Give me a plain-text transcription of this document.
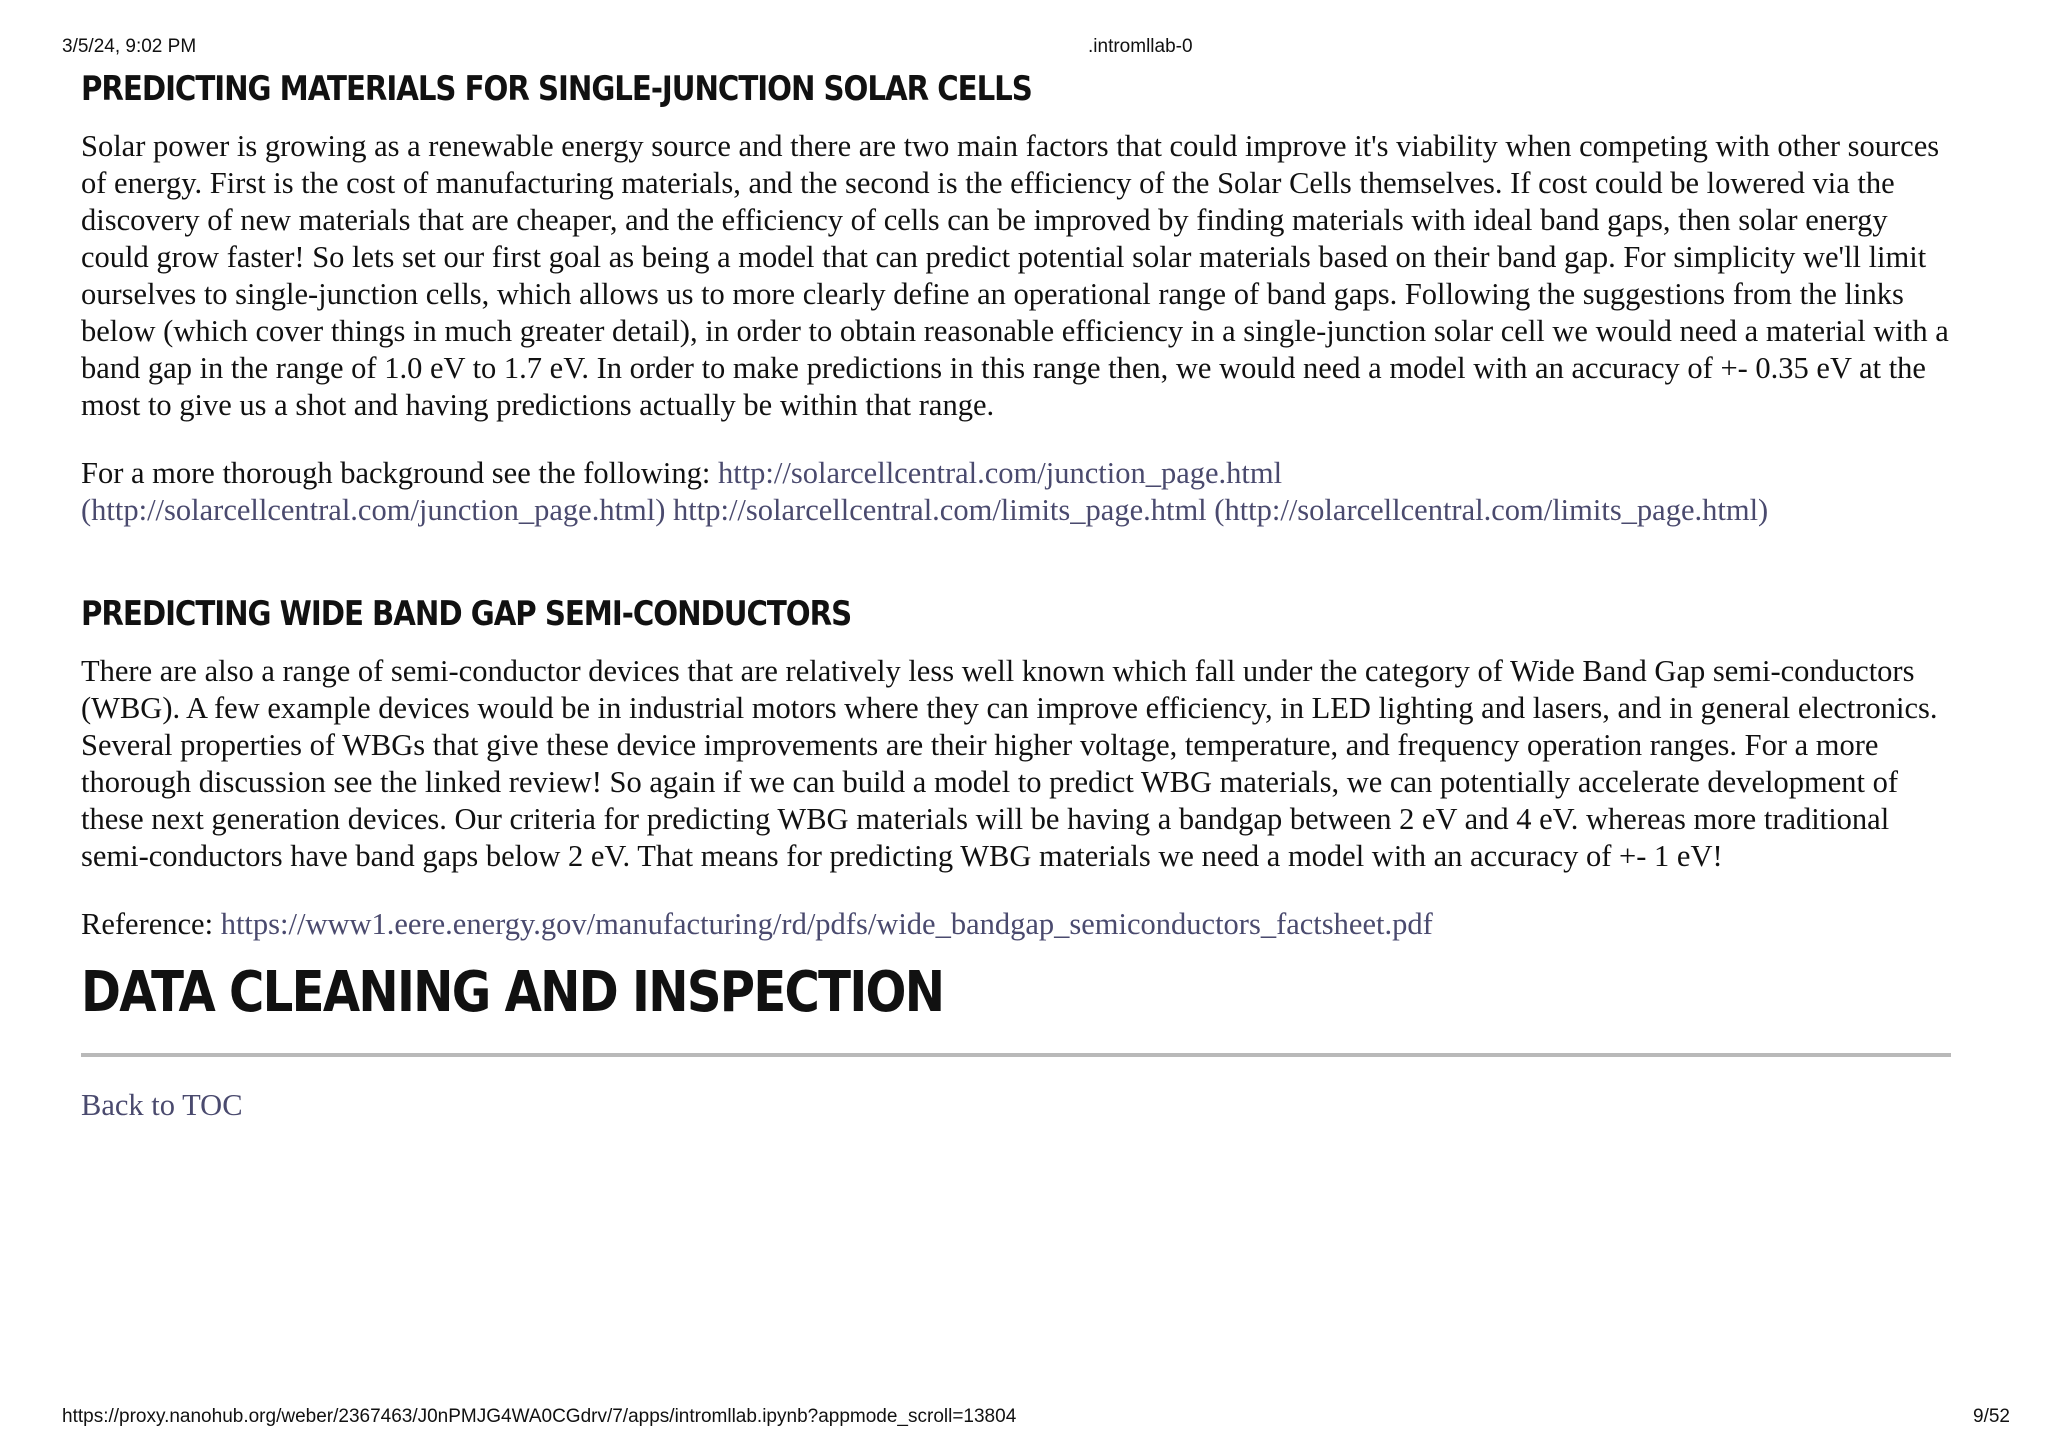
3/5/24, 9:02 PM	.intromllab-0
PREDICTING MATERIALS FOR SINGLE-JUNCTION SOLAR CELLS

Solar power is growing as a renewable energy source and there are two main factors that could improve it's viability when competing with other sources of energy. First is the cost of manufacturing materials, and the second is the efficiency of the Solar Cells themselves. If cost could be lowered via the discovery of new materials that are cheaper, and the efficiency of cells can be improved by finding materials with ideal band gaps, then solar energy could grow faster! So lets set our first goal as being a model that can predict potential solar materials based on their band gap. For simplicity we'll limit ourselves to single-junction cells, which allows us to more clearly define an operational range of band gaps. Following the suggestions from the links below (which cover things in much greater detail), in order to obtain reasonable efficiency in a single-junction solar cell we would need a material with a band gap in the range of 1.0 eV to 1.7 eV. In order to make predictions in this range then, we would need a model with an accuracy of +- 0.35 eV at the most to give us a shot and having predictions actually be within that range.

For a more thorough background see the following: http://solarcellcentral.com/junction_page.html
(http://solarcellcentral.com/junction_page.html) http://solarcellcentral.com/limits_page.html (http://solarcellcentral.com/limits_page.html)

PREDICTING WIDE BAND GAP SEMI-CONDUCTORS

There are also a range of semi-conductor devices that are relatively less well known which fall under the category of Wide Band Gap semi-conductors (WBG). A few example devices would be in industrial motors where they can improve efficiency, in LED lighting and lasers, and in general electronics. Several properties of WBGs that give these device improvements are their higher voltage, temperature, and frequency operation ranges. For a more thorough discussion see the linked review! So again if we can build a model to predict WBG materials, we can potentially accelerate development of these next generation devices. Our criteria for predicting WBG materials will be having a bandgap between 2 eV and 4 eV. whereas more traditional semi-conductors have band gaps below 2 eV. That means for predicting WBG materials we need a model with an accuracy of +- 1 eV!

Reference: https://www1.eere.energy.gov/manufacturing/rd/pdfs/wide_bandgap_semiconductors_factsheet.pdf

DATA CLEANING AND INSPECTION

Back to TOC

https://proxy.nanohub.org/weber/2367463/J0nPMJG4WA0CGdrv/7/apps/intromllab.ipynb?appmode_scroll=13804	9/52
